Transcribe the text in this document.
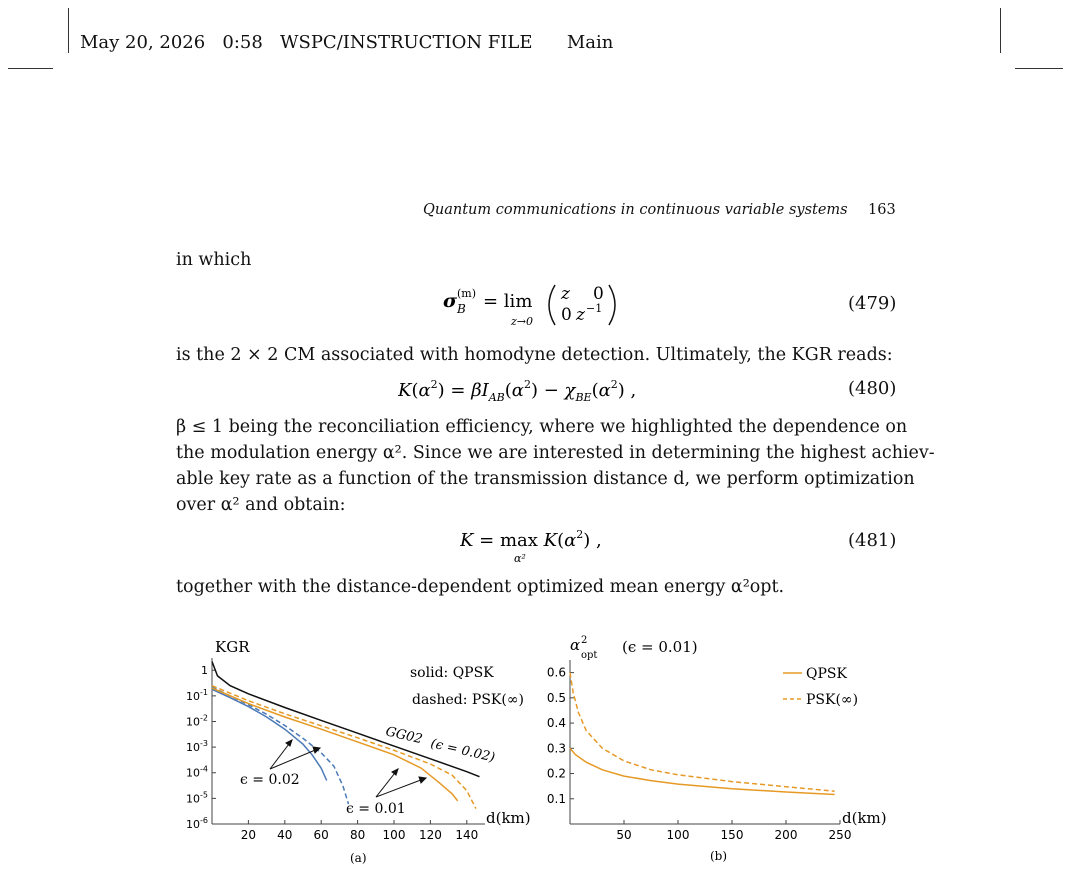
May 20, 2026 0:58 WSPC/INSTRUCTION FILE Main
Quantum communications in continuous variable systems 163
in which
σ (m)
B = lim
z→0
z 0
0 z −1	(479)
is the 2 × 2 CM associated with homodyne detection. Ultimately, the KGR reads:
$K(\alpha^2) = \beta I_{AB}(\alpha^2) - \chi_{BE}(\alpha^2)$ ,	(480)
β ≤ 1 being the reconciliation efficiency, where we highlighted the dependence on
the modulation energy α². Since we are interested in determining the highest achiev-
able key rate as a function of the transmission distance d, we perform optimization
over α² and obtain:
$K = \max K(\alpha^2)$ ,
α²
(481)
together with the distance-dependent optimized mean energy α²opt.
KGR
d(km)
solid: QPSK
dashed: PSK(∞)
20 40 60 80 100 120 140
1
$10^{-1}$
$10^{-2}$
$10^{-3}$
$10^{-4}$
$10^{-5}$
$10^{-6}$
GG02
(ϵ = 0.02)
ϵ = 0.02
ϵ = 0.01
(a)
α 2
opt (ϵ = 0.01)
d(km)
QPSK
PSK(∞)
50	100	150	200	250
0.1
0.2
0.3
0.4
0.5
0.6
(b)
